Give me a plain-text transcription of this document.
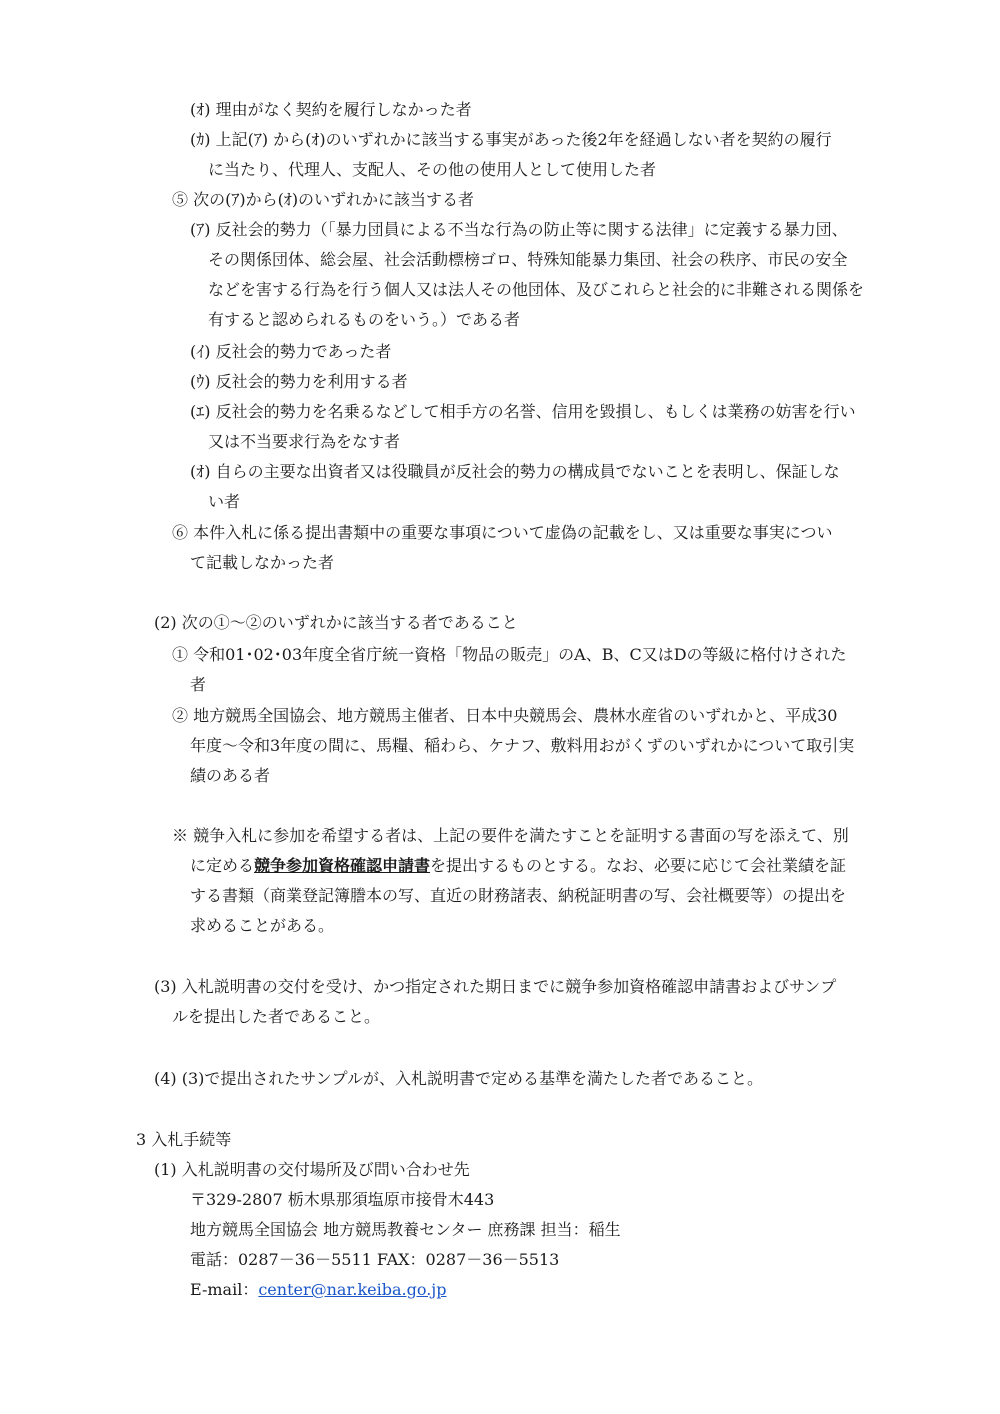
(ｵ) 理由がなく契約を履行しなかった者
(ｶ) 上記(ｱ) から(ｵ)のいずれかに該当する事実があった後2年を経過しない者を契約の履行
に当たり、代理人、支配人、その他の使用人として使用した者
⑤ 次の(ｱ)から(ｵ)のいずれかに該当する者
(ｱ) 反社会的勢力（「暴力団員による不当な行為の防止等に関する法律」に定義する暴力団、
その関係団体、総会屋、社会活動標榜ゴロ、特殊知能暴力集団、社会の秩序、市民の安全
などを害する行為を行う個人又は法人その他団体、及びこれらと社会的に非難される関係を
有すると認められるものをいう。）である者
(ｲ) 反社会的勢力であった者
(ｳ) 反社会的勢力を利用する者
(ｴ) 反社会的勢力を名乗るなどして相手方の名誉、信用を毀損し、もしくは業務の妨害を行い
又は不当要求行為をなす者
(ｵ) 自らの主要な出資者又は役職員が反社会的勢力の構成員でないことを表明し、保証しな
い者
⑥ 本件入札に係る提出書類中の重要な事項について虚偽の記載をし、又は重要な事実につい
て記載しなかった者
(2) 次の①～②のいずれかに該当する者であること
① 令和01･02･03年度全省庁統一資格「物品の販売」のA、B、C又はDの等級に格付けされた
者
② 地方競馬全国協会、地方競馬主催者、日本中央競馬会、農林水産省のいずれかと、平成30
年度～令和3年度の間に、馬糧、稲わら、ケナフ、敷料用おがくずのいずれかについて取引実
績のある者
※ 競争入札に参加を希望する者は、上記の要件を満たすことを証明する書面の写を添えて、別
に定める競争参加資格確認申請書を提出するものとする。なお、必要に応じて会社業績を証
する書類（商業登記簿謄本の写、直近の財務諸表、納税証明書の写、会社概要等）の提出を
求めることがある。
(3) 入札説明書の交付を受け、かつ指定された期日までに競争参加資格確認申請書およびサンプ
ルを提出した者であること。
(4) (3)で提出されたサンプルが、入札説明書で定める基準を満たした者であること。
3 入札手続等
(1) 入札説明書の交付場所及び問い合わせ先
〒329-2807 栃木県那須塩原市接骨木443
地方競馬全国協会 地方競馬教養センター 庶務課 担当：稲生
電話：0287－36－5511 FAX：0287－36－5513
E-mail：center@nar.keiba.go.jp
